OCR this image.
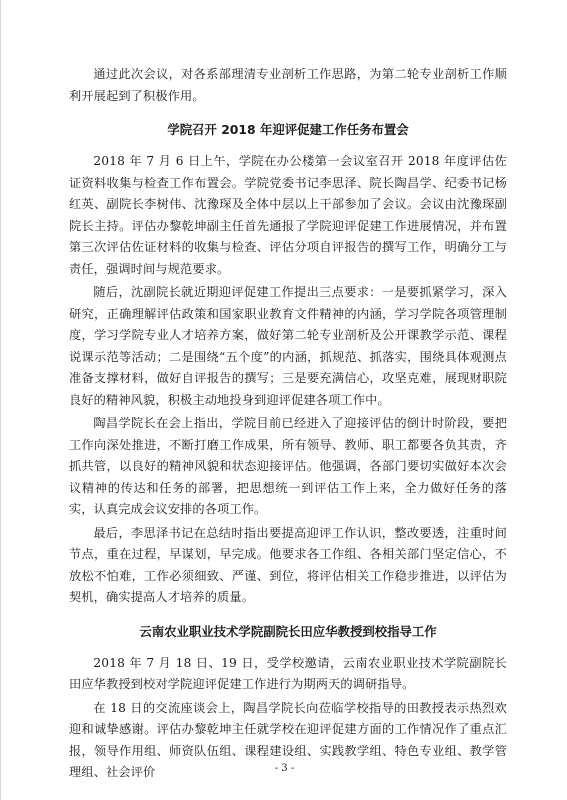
通过此次会议，对各系部理清专业剖析工作思路，为第二轮专业剖析工作顺利开展起到了积极作用。

学院召开 2018 年迎评促建工作任务布置会

2018 年 7 月 6 日上午，学院在办公楼第一会议室召开 2018 年度评估佐证资料收集与检查工作布置会。学院党委书记李思泽、院长陶昌学、纪委书记杨红英、副院长李树伟、沈豫琛及全体中层以上干部参加了会议。会议由沈豫琛副院长主持。评估办黎乾坤副主任首先通报了学院迎评促建工作进展情况，并布置第三次评估佐证材料的收集与检查、评估分项自评报告的撰写工作，明确分工与责任，强调时间与规范要求。

随后，沈副院长就近期迎评促建工作提出三点要求：一是要抓紧学习，深入研究，正确理解评估政策和国家职业教育文件精神的内涵，学习学院各项管理制度，学习学院专业人才培养方案，做好第二轮专业剖析及公开课教学示范、课程说课示范等活动；二是围绕“五个度”的内涵，抓规范、抓落实，围绕具体观测点准备支撑材料，做好自评报告的撰写；三是要充满信心，攻坚克难，展现财职院良好的精神风貌，积极主动地投身到迎评促建各项工作中。

陶昌学院长在会上指出，学院目前已经进入了迎接评估的倒计时阶段，要把工作向深处推进，不断打磨工作成果，所有领导、教师、职工都要各负其责，齐抓共管，以良好的精神风貌和状态迎接评估。他强调，各部门要切实做好本次会议精神的传达和任务的部署，把思想统一到评估工作上来，全力做好任务的落实，认真完成会议安排的各项工作。

最后，李思泽书记在总结时指出要提高迎评工作认识，整改要透，注重时间节点，重在过程，早谋划，早完成。他要求各工作组、各相关部门坚定信心，不放松不怕难，工作必须细致、严谨、到位，将评估相关工作稳步推进，以评估为契机，确实提高人才培养的质量。

云南农业职业技术学院副院长田应华教授到校指导工作

2018 年 7 月 18 日、19 日，受学校邀请，云南农业职业技术学院副院长田应华教授到校对学院迎评促建工作进行为期两天的调研指导。

在 18 日的交流座谈会上，陶昌学院长向莅临学校指导的田教授表示热烈欢迎和诚挚感谢。评估办黎乾坤主任就学校在迎评促建方面的工作情况作了重点汇报，领导作用组、师资队伍组、课程建设组、实践教学组、特色专业组、教学管理组、社会评价	- 3 -
